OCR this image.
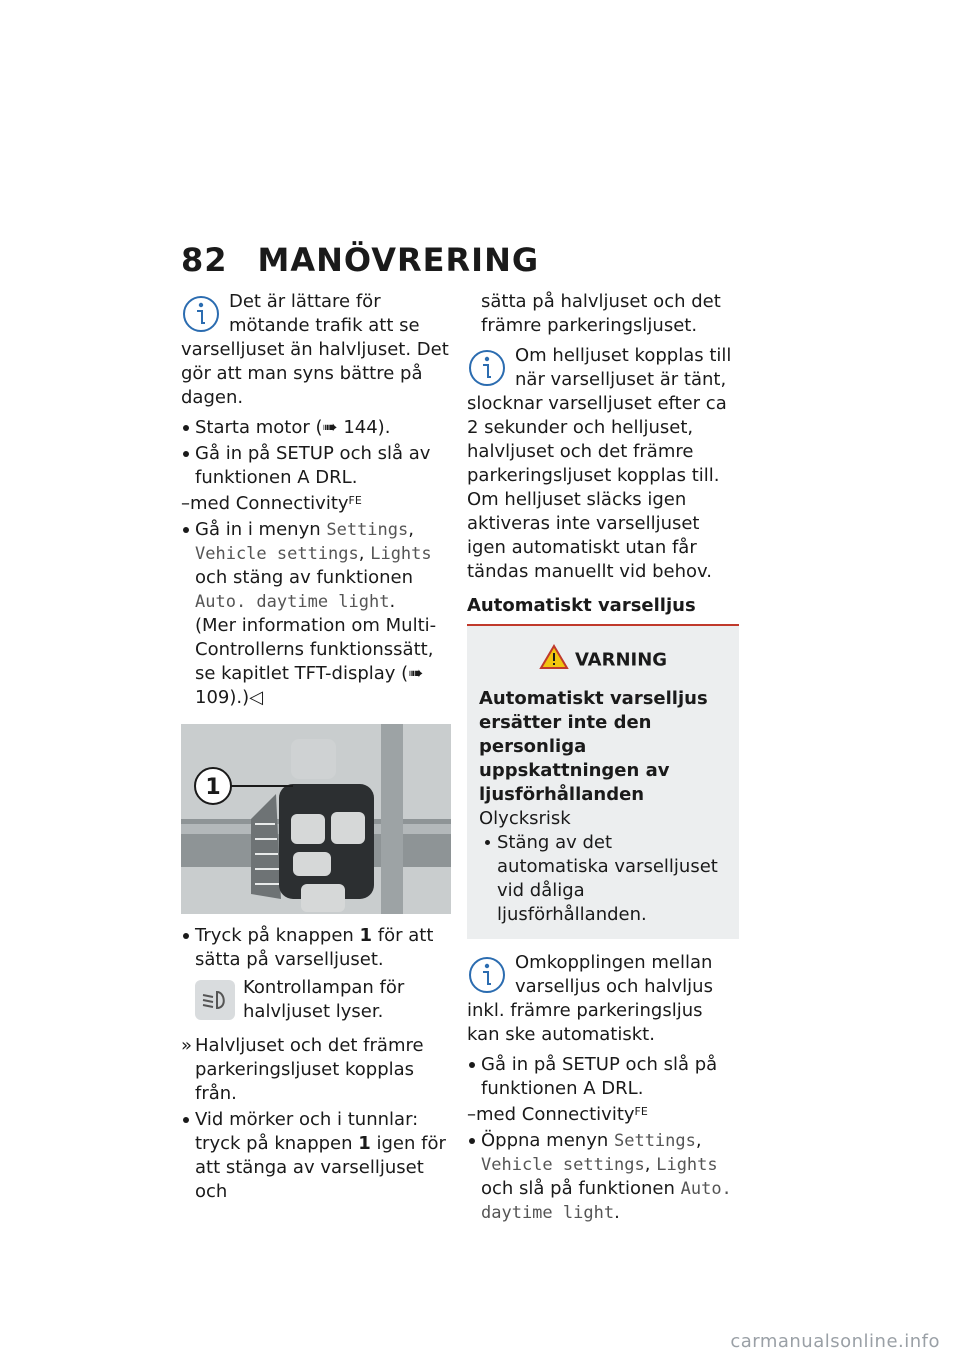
82 MANÖVRERING
Det är lättare för mötande trafik att se varselljuset än halvljuset. Det gör att man syns bättre på dagen.
Starta motor (➠ 144).
Gå in på SETUP och slå av funktionen A DRL.
–med Connectivity$^{FE}$
Gå in i menyn Settings, Vehicle settings, Lights och stäng av funktionen Auto. daytime light.
(Mer information om Multi-Controllerns funktionssätt, se kapitlet TFT-display (➠ 109).)◁
1
Tryck på knappen 1 för att sätta på varselljuset.
Kontrollampan för halvljuset lyser.
» Halvljuset och det främre parkeringsljuset kopplas från.
Vid mörker och i tunnlar: tryck på knappen 1 igen för att stänga av varselljuset och
sätta på halvljuset och det främre parkeringsljuset.
Om helljuset kopplas till när varselljuset är tänt, slocknar varselljuset efter ca 2 sekunder och helljuset, halvljuset och det främre parkeringsljuset kopplas till.
Om helljuset släcks igen aktiveras inte varselljuset igen automatiskt utan får tändas manuellt vid behov.
Automatiskt varselljus
VARNING
Automatiskt varselljus ersätter inte den personliga uppskattningen av ljusförhållanden
Olycksrisk
Stäng av det automatiska varselljuset vid dåliga ljusförhållanden.
Omkopplingen mellan varselljus och halvljus inkl. främre parkeringsljus kan ske automatiskt.
Gå in på SETUP och slå på funktionen A DRL.
–med Connectivity$^{FE}$
Öppna menyn Settings, Vehicle settings, Lights och slå på funktionen Auto. daytime light.
carmanualsonline.info
